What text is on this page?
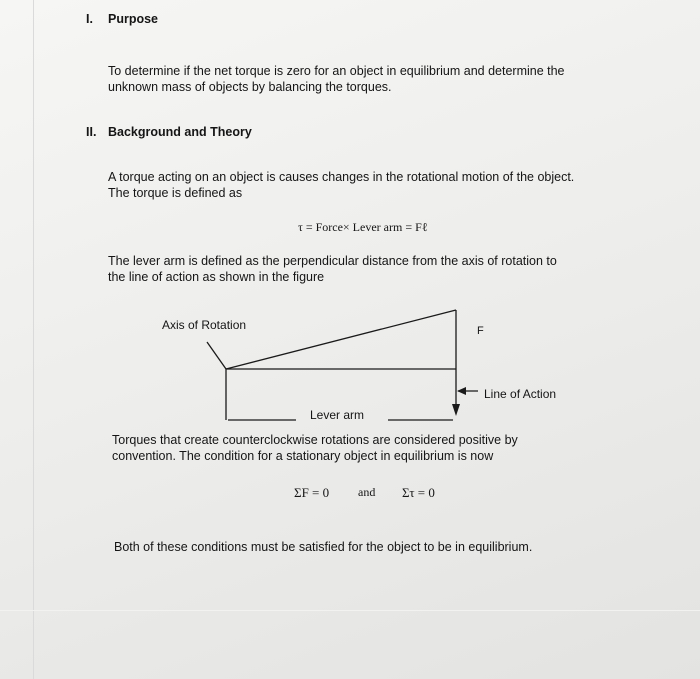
I. Purpose
To determine if the net torque is zero for an object in equilibrium and determine the
unknown mass of objects by balancing the torques.
II. Background and Theory
A torque acting on an object is causes changes in the rotational motion of the object.
The torque is defined as
τ = Force× Lever arm = Fℓ
The lever arm is defined as the perpendicular distance from the axis of rotation to
the line of action as shown in the figure
Axis of Rotation	F
Line of Action
Lever arm
Torques that create counterclockwise rotations are considered positive by
convention. The condition for a stationary object in equilibrium is now
ΣF = 0 and Στ = 0
Both of these conditions must be satisfied for the object to be in equilibrium.
